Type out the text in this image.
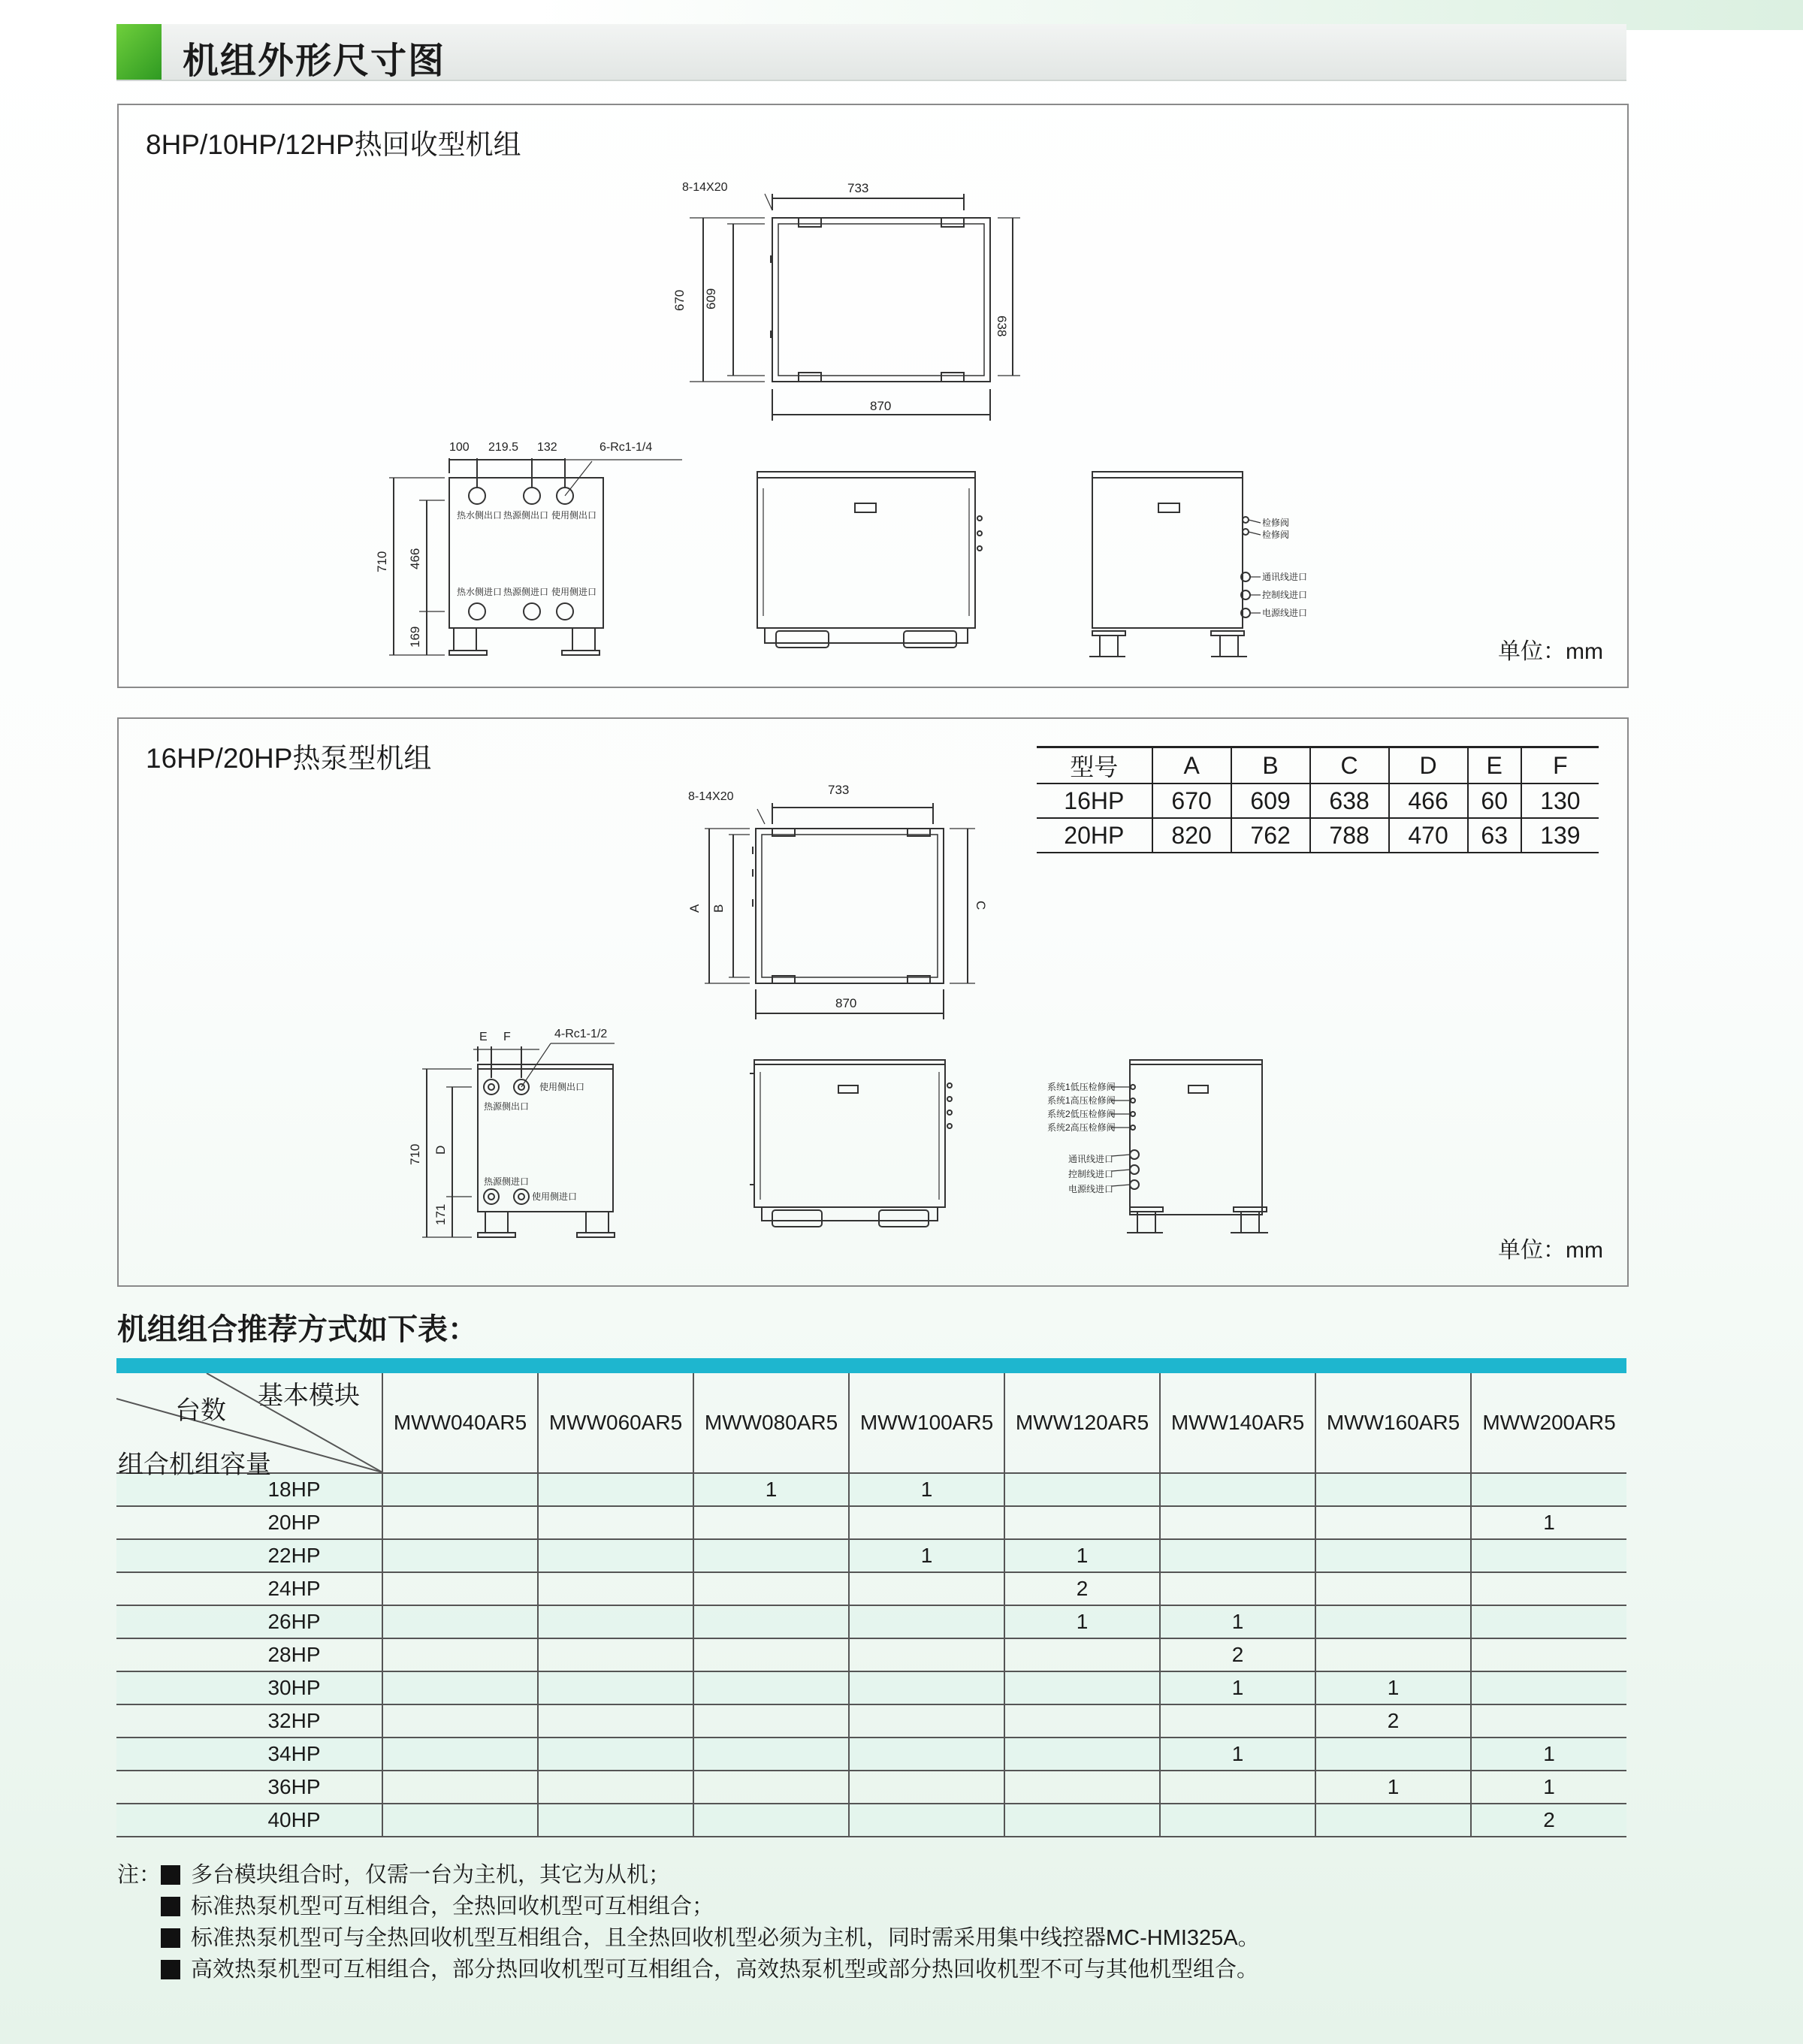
机组外形尺寸图
8HP/10HP/12HP热回收型机组
8-14X20	733
670 609
638
870
100 219.5 132	6-Rc1-1/4
710 466
169
热水侧出口 热源侧出口 使用侧出口
热水侧进口 热源侧进口 使用侧进口
检修阀
检修阀
通讯线进口
控制线进口
电源线进口
单位：mm
16HP/20HP热泵型机组
8-14X20	733
A B	C
870
E F	4-Rc1-1/2
710 D
171
使用侧出口
热源侧出口
热源侧进口
使用侧进口
系统1低压检修阀
系统1高压检修阀
系统2低压检修阀
系统2高压检修阀
通讯线进口
控制线进口
电源线进口
单位：mm
型号	A	B	C	D	E	F
16HP	670	609	638	466	60	130
20HP	820	762	788	470	63	139
机组组合推荐方式如下表：
基本模块
台数
组合机组容量	MWW040AR5	MWW060AR5	MWW080AR5	MWW100AR5	MWW120AR5	MWW140AR5	MWW160AR5	MWW200AR5
18HP			1	1				
20HP								1
22HP				1	1			
24HP					2			
26HP					1	1		
28HP						2		
30HP						1	1	
32HP							2	
34HP						1		1
36HP							1	1
40HP								2
注： 多台模块组合时，仅需一台为主机，其它为从机；
标准热泵机型可互相组合，全热回收机型可互相组合；
标准热泵机型可与全热回收机型互相组合，且全热回收机型必须为主机，同时需采用集中线控器MC-HMI325A。
高效热泵机型可互相组合，部分热回收机型可互相组合，高效热泵机型或部分热回收机型不可与其他机型组合。
